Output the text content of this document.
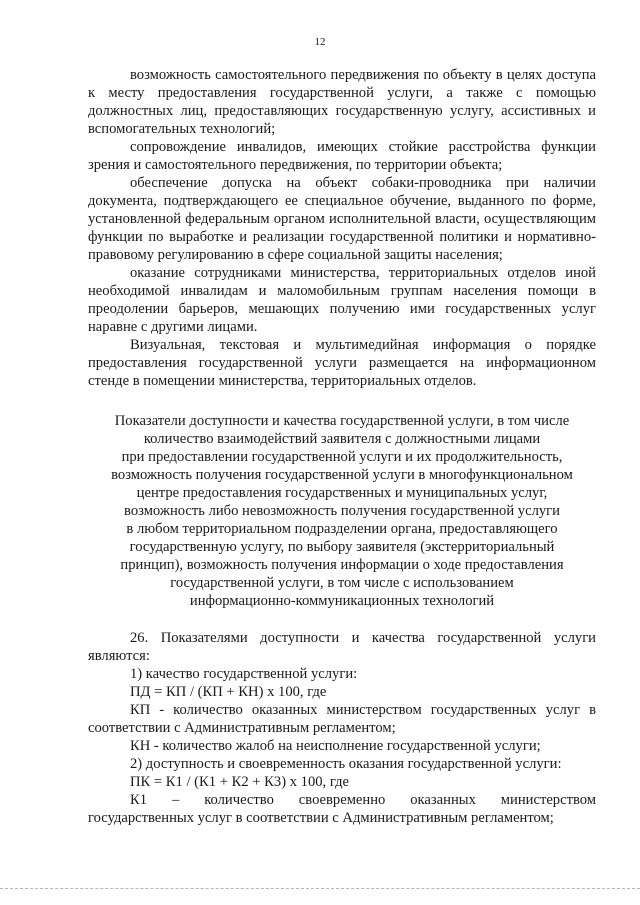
12

возможность самостоятельного передвижения по объекту в целях доступа к месту предоставления государственной услуги, а также с помощью должностных лиц, предоставляющих государственную услугу, ассистивных и вспомогательных технологий;

сопровождение инвалидов, имеющих стойкие расстройства функции зрения и самостоятельного передвижения, по территории объекта;

обеспечение допуска на объект собаки-проводника при наличии документа, подтверждающего ее специальное обучение, выданного по форме, установленной федеральным органом исполнительной власти, осуществляющим функции по выработке и реализации государственной политики и нормативно-правовому регулированию в сфере социальной защиты населения;

оказание сотрудниками министерства, территориальных отделов иной необходимой инвалидам и маломобильным группам населения помощи в преодолении барьеров, мешающих получению ими государственных услуг наравне с другими лицами.

Визуальная, текстовая и мультимедийная информация о порядке предоставления государственной услуги размещается на информационном стенде в помещении министерства, территориальных отделов.

Показатели доступности и качества государственной услуги, в том числе
количество взаимодействий заявителя с должностными лицами
при предоставлении государственной услуги и их продолжительность,
возможность получения государственной услуги в многофункциональном
центре предоставления государственных и муниципальных услуг,
возможность либо невозможность получения государственной услуги
в любом территориальном подразделении органа, предоставляющего
государственную услугу, по выбору заявителя (экстерриториальный
принцип), возможность получения информации о ходе предоставления
государственной услуги, в том числе с использованием
информационно-коммуникационных технологий

26. Показателями доступности и качества государственной услуги являются:

1) качество государственной услуги:

ПД = КП / (КП + КН) х 100, где

КП - количество оказанных министерством государственных услуг в соответствии с Административным регламентом;

КН - количество жалоб на неисполнение государственной услуги;

2) доступность и своевременность оказания государственной услуги:

ПК = К1 / (К1 + К2 + К3) х 100, где

К1 – количество своевременно оказанных министерством государственных услуг в соответствии с Административным регламентом;
